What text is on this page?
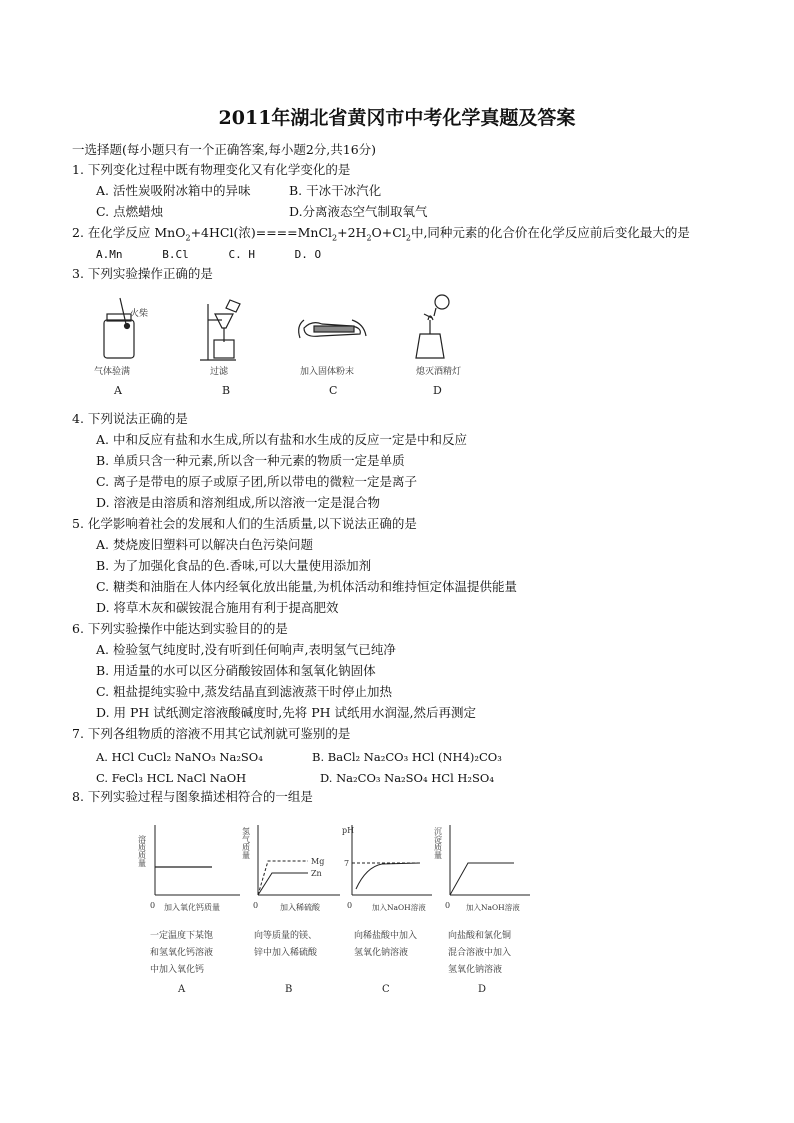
2011年湖北省黄冈市中考化学真题及答案
一选择题(每小题只有一个正确答案,每小题2分,共16分)
1. 下列变化过程中既有物理变化又有化学变化的是
A. 活性炭吸附冰箱中的异味	B. 干冰干冰汽化
C. 点燃蜡烛	D.分离液态空气制取氧气
2. 在化学反应 MnO$_2$+4HCl(浓)$====MnCl_2+2H_2O+Cl_2$中,同种元素的化合价在化学反应前后变化最大的是
A.Mn      B.Cl      C. H      D. O
3. 下列实验操作正确的是
火柴
气体验满
A
过滤
B
加入固体粉末
C
熄灭酒精灯
D
4. 下列说法正确的是
A. 中和反应有盐和水生成,所以有盐和水生成的反应一定是中和反应
B. 单质只含一种元素,所以含一种元素的物质一定是单质
C. 离子是带电的原子或原子团,所以带电的微粒一定是离子
D. 溶液是由溶质和溶剂组成,所以溶液一定是混合物
5. 化学影响着社会的发展和人们的生活质量,以下说法正确的是
A. 焚烧废旧塑料可以解决白色污染问题
B. 为了加强化食品的色.香味,可以大量使用添加剂
C. 糖类和油脂在人体内经氧化放出能量,为机体活动和维持恒定体温提供能量
D. 将草木灰和碳铵混合施用有利于提高肥效
6. 下列实验操作中能达到实验目的的是
A. 检验氢气纯度时,没有听到任何响声,表明氢气已纯净
B. 用适量的水可以区分硝酸铵固体和氢氧化钠固体
C. 粗盐提纯实验中,蒸发结晶直到滤液蒸干时停止加热
D. 用 PH 试纸测定溶液酸碱度时,先将 PH 试纸用水润湿,然后再测定
7. 下列各组物质的溶液不用其它试剂就可鉴别的是
A. HCl CuCl₂ NaNO₃ Na₂SO₄	B. BaCl₂ Na₂CO₃ HCl (NH4)₂CO₃
C. FeCl₃ HCL NaCl NaOH	D. Na₂CO₃ Na₂SO₄ HCl H₂SO₄
8. 下列实验过程与图象描述相符合的一组是
溶质质量
0 加入氧化钙质量
一定温度下某饱
和氢氧化钙溶液
中加入氧化钙
A
氢气质量
Mg
Zn
0	加入稀硫酸
向等质量的镁、
锌中加入稀硫酸
B
pH
7
0	加入NaOH溶液
向稀盐酸中加入
氢氧化钠溶液
C
沉淀质量
0 加入NaOH溶液
向盐酸和氯化铜
混合溶液中加入
氢氧化钠溶液
D
